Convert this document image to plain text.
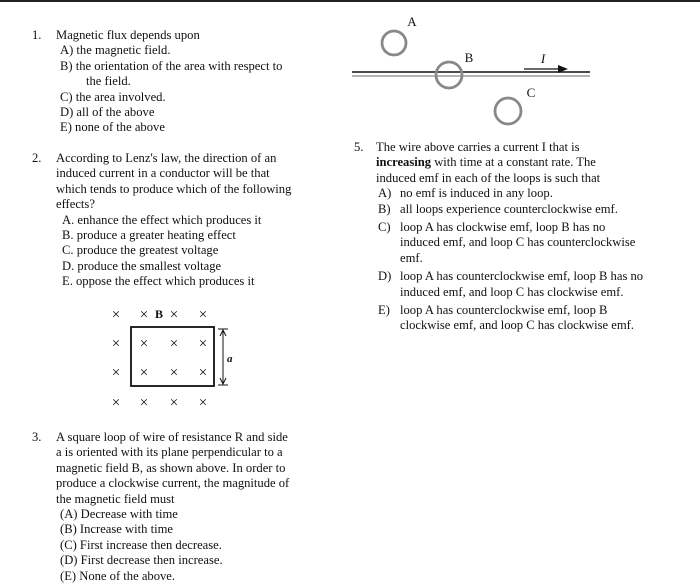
1. Magnetic flux depends upon
A) the magnetic field.
B) the orientation of the area with respect to
the field.
C) the area involved.
D) all of the above
E) none of the above
2. According to Lenz's law, the direction of an
induced current in a conductor will be that
which tends to produce which of the following
effects?
A. enhance the effect which produces it
B. produce a greater heating effect
C. produce the greatest voltage
D. produce the smallest voltage
E. oppose the effect which produces it
× × × ×
× × × ×
× × × ×
× × × ×
B
a
3. A square loop of wire of resistance R and side
a is oriented with its plane perpendicular to a
magnetic field B, as shown above. In order to
produce a clockwise current, the magnitude of
the magnetic field must
(A) Decrease with time
(B) Increase with time
(C) First increase then decrease.
(D) First decrease then increase.
(E) None of the above.
A
B
C
I
5. The wire above carries a current I that is
increasing with time at a constant rate. The
induced emf in each of the loops is such that
A) no emf is induced in any loop.
B) all loops experience counterclockwise emf.
C) loop A has clockwise emf, loop B has no induced emf, and loop C has counterclockwise emf.
D) loop A has counterclockwise emf, loop B has no induced emf, and loop C has clockwise emf.
E) loop A has counterclockwise emf, loop B clockwise emf, and loop C has clockwise emf.
